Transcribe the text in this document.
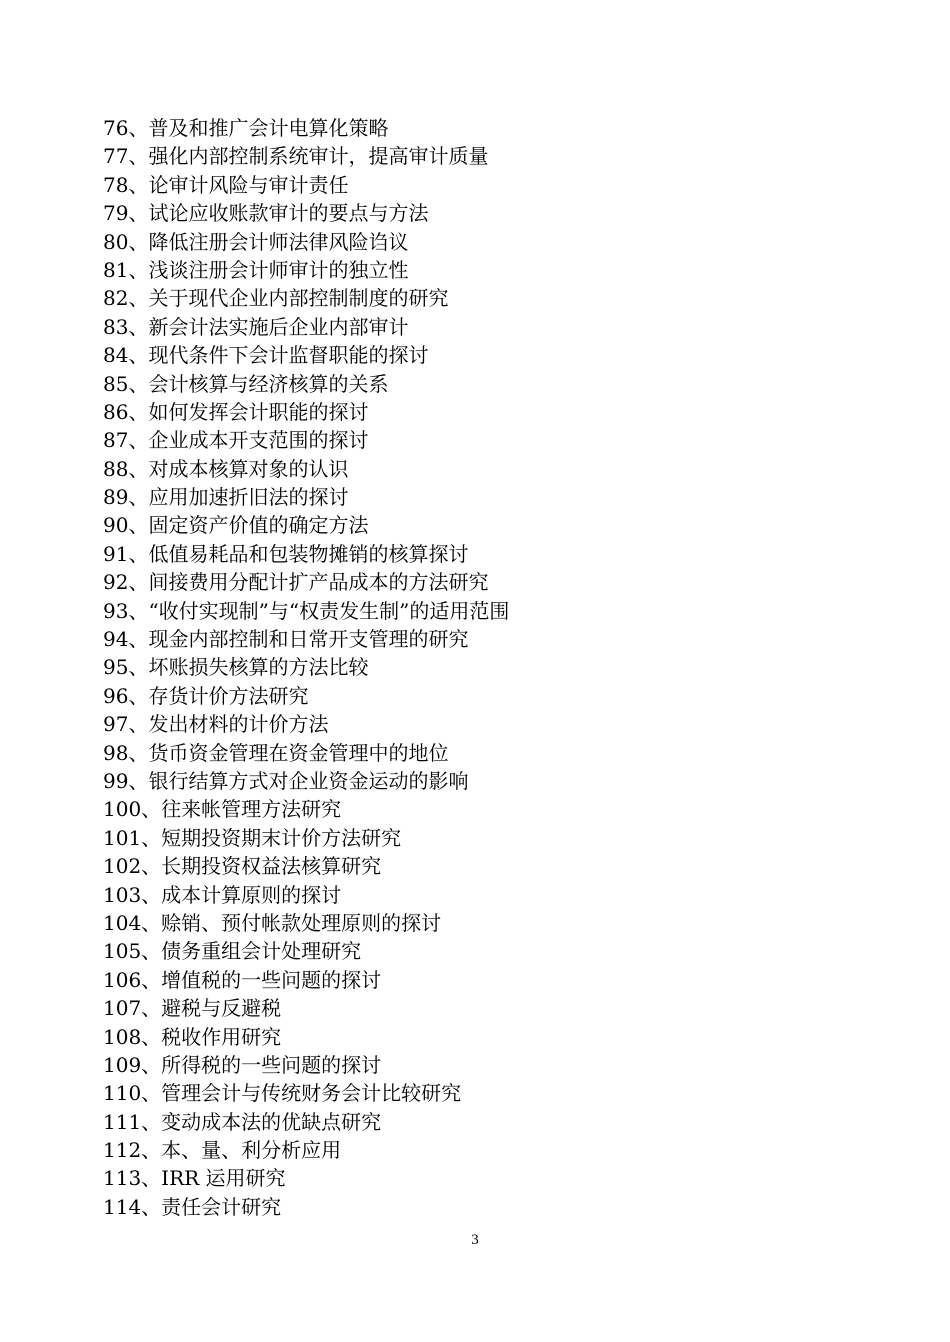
76、普及和推广会计电算化策略
77、强化内部控制系统审计，提高审计质量
78、论审计风险与审计责任
79、试论应收账款审计的要点与方法
80、降低注册会计师法律风险诌议
81、浅谈注册会计师审计的独立性
82、关于现代企业内部控制制度的研究
83、新会计法实施后企业内部审计
84、现代条件下会计监督职能的探讨
85、会计核算与经济核算的关系
86、如何发挥会计职能的探讨
87、企业成本开支范围的探讨
88、对成本核算对象的认识
89、应用加速折旧法的探讨
90、固定资产价值的确定方法
91、低值易耗品和包装物摊销的核算探讨
92、间接费用分配计扩产品成本的方法研究
93、“收付实现制”与“权责发生制”的适用范围
94、现金内部控制和日常开支管理的研究
95、坏账损失核算的方法比较
96、存货计价方法研究
97、发出材料的计价方法
98、货币资金管理在资金管理中的地位
99、银行结算方式对企业资金运动的影响
100、往来帐管理方法研究
101、短期投资期末计价方法研究
102、长期投资权益法核算研究
103、成本计算原则的探讨
104、赊销、预付帐款处理原则的探讨
105、债务重组会计处理研究
106、增值税的一些问题的探讨
107、避税与反避税
108、税收作用研究
109、所得税的一些问题的探讨
110、管理会计与传统财务会计比较研究
111、变动成本法的优缺点研究
112、本、量、利分析应用
113、IRR 运用研究
114、责任会计研究
3
